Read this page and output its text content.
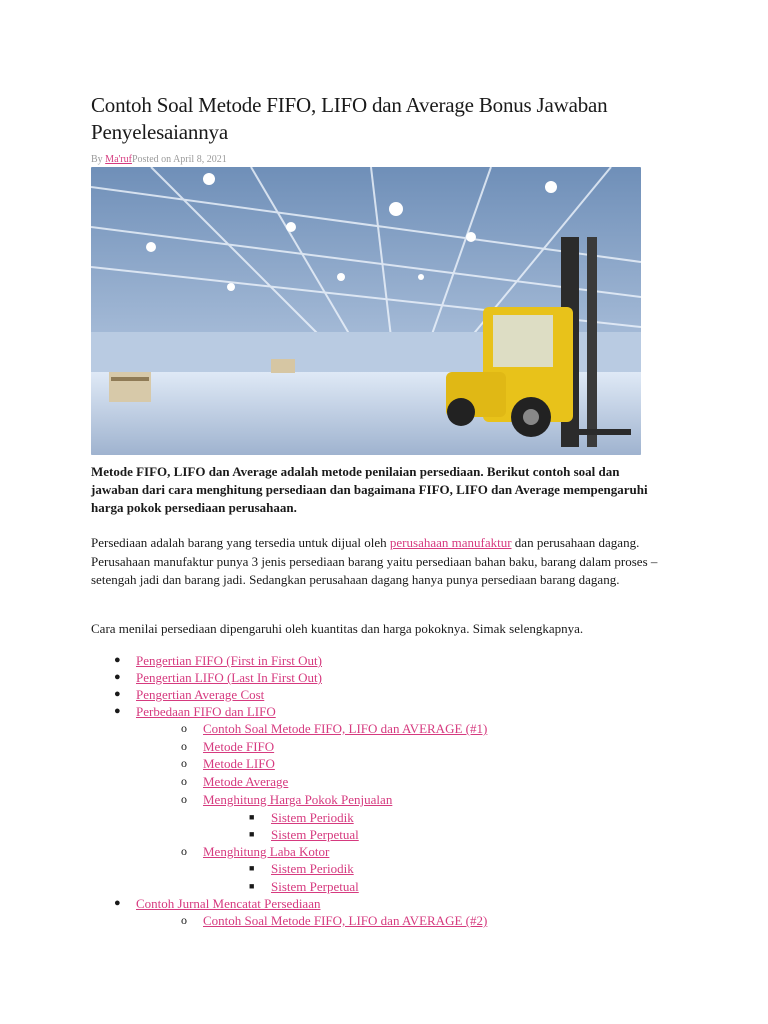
Contoh Soal Metode FIFO, LIFO dan Average Bonus Jawaban Penyelesaiannya
By Ma'rufPosted on April 8, 2021

Metode FIFO, LIFO dan Average adalah metode penilaian persediaan. Berikut contoh soal dan jawaban dari cara menghitung persediaan dan bagaimana FIFO, LIFO dan Average mempengaruhi harga pokok persediaan perusahaan.

Persediaan adalah barang yang tersedia untuk dijual oleh perusahaan manufaktur dan perusahaan dagang. Perusahaan manufaktur punya 3 jenis persediaan barang yaitu persediaan bahan baku, barang dalam proses – setengah jadi dan barang jadi. Sedangkan perusahaan dagang hanya punya persediaan barang dagang.

Cara menilai persediaan dipengaruhi oleh kuantitas dan harga pokoknya. Simak selengkapnya.

● Pengertian FIFO (First in First Out)
● Pengertian LIFO (Last In First Out)
● Pengertian Average Cost
● Perbedaan FIFO dan LIFO
o Contoh Soal Metode FIFO, LIFO dan AVERAGE (#1)
o Metode FIFO
o Metode LIFO
o Metode Average
o Menghitung Harga Pokok Penjualan
■ Sistem Periodik
■ Sistem Perpetual
o Menghitung Laba Kotor
■ Sistem Periodik
■ Sistem Perpetual
● Contoh Jurnal Mencatat Persediaan
o Contoh Soal Metode FIFO, LIFO dan AVERAGE (#2)
